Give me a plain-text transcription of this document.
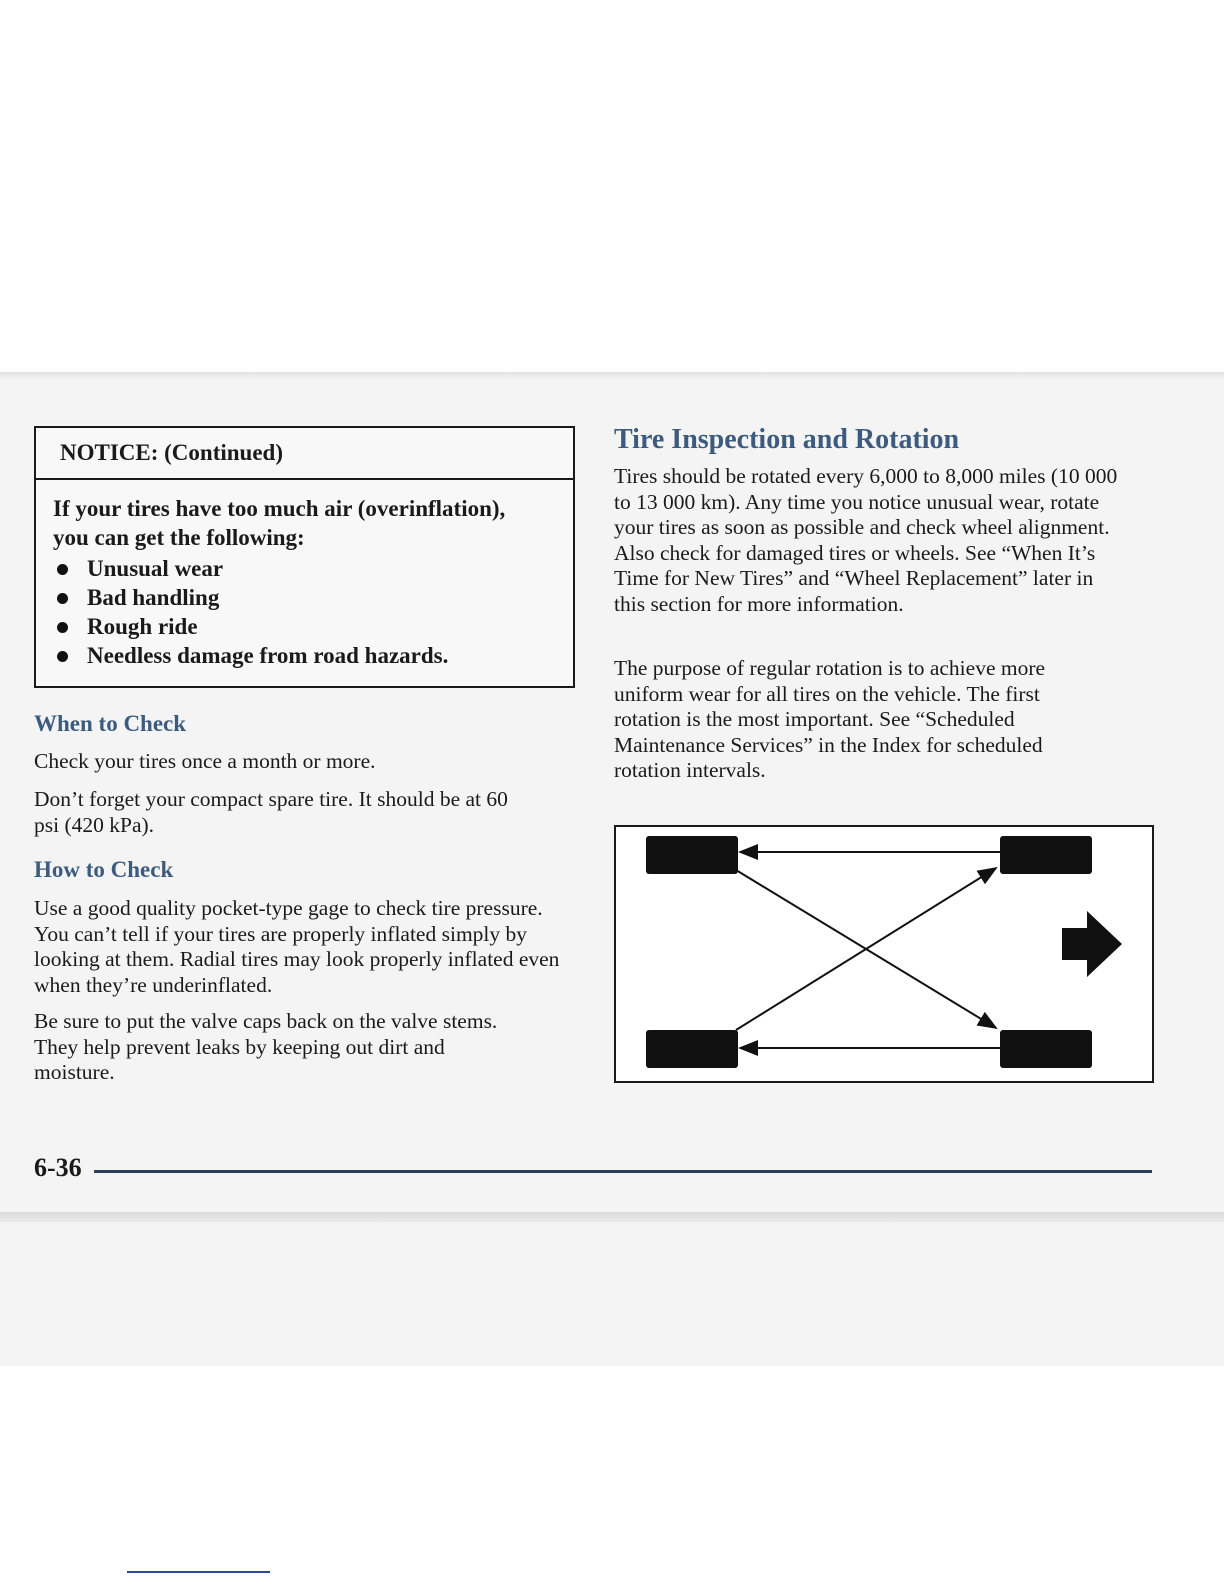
NOTICE: (Continued)

If your tires have too much air (overinflation), you can get the following:

Unusual wear
Bad handling
Rough ride
Needless damage from road hazards.
When to Check

Check your tires once a month or more.

Don’t forget your compact spare tire. It should be at 60 psi (420 kPa).

How to Check

Use a good quality pocket-type gage to check tire pressure. You can’t tell if your tires are properly inflated simply by looking at them. Radial tires may look properly inflated even when they’re underinflated.

Be sure to put the valve caps back on the valve stems. They help prevent leaks by keeping out dirt and moisture.

Tire Inspection and Rotation

Tires should be rotated every 6,000 to 8,000 miles (10 000 to 13 000 km). Any time you notice unusual wear, rotate your tires as soon as possible and check wheel alignment. Also check for damaged tires or wheels. See “When It’s Time for New Tires” and “Wheel Replacement” later in this section for more information.

The purpose of regular rotation is to achieve more uniform wear for all tires on the vehicle. The first rotation is the most important. See “Scheduled Maintenance Services” in the Index for scheduled rotation intervals.

6-36
